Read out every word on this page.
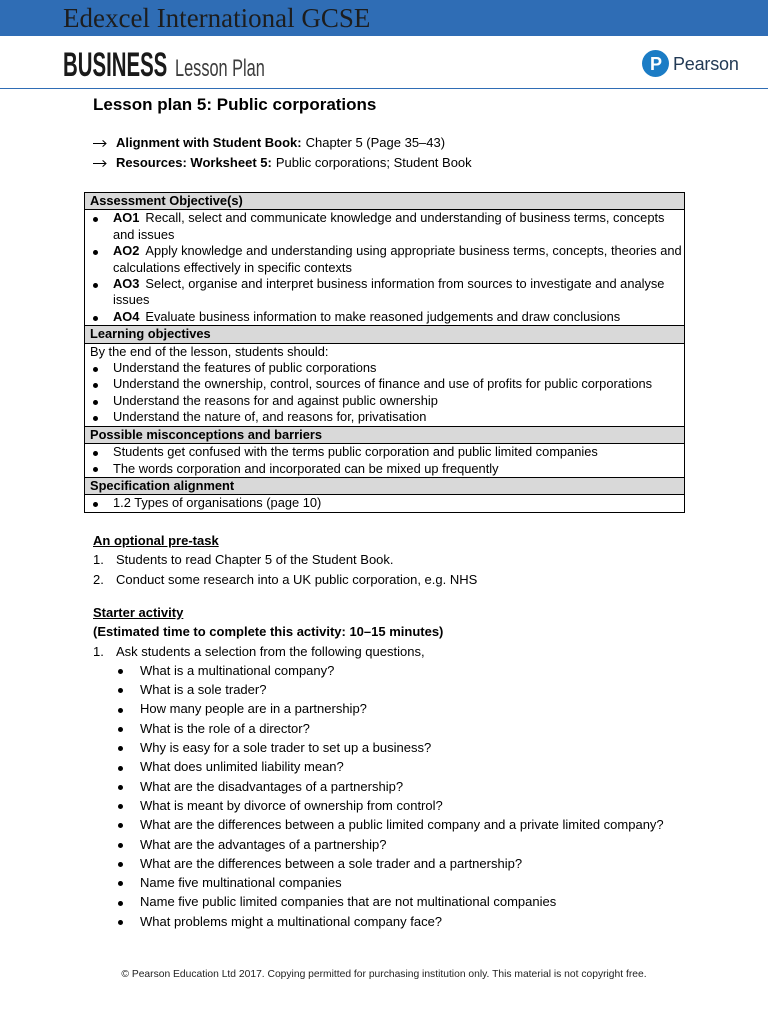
Edexcel International GCSE
BUSINESS Lesson Plan	P Pearson
Lesson plan 5: Public corporations
Alignment with Student Book: Chapter 5 (Page 35–43)
Resources: Worksheet 5: Public corporations; Student Book
Assessment Objective(s)

AO1 Recall, select and communicate knowledge and understanding of business terms, concepts and issues
AO2 Apply knowledge and understanding using appropriate business terms, concepts, theories and calculations effectively in specific contexts
AO3 Select, organise and interpret business information from sources to investigate and analyse issues
AO4 Evaluate business information to make reasoned judgements and draw conclusions

Learning objectives

By the end of the lesson, students should:
Understand the features of public corporations
Understand the ownership, control, sources of finance and use of profits for public corporations
Understand the reasons for and against public ownership
Understand the nature of, and reasons for, privatisation

Possible misconceptions and barriers

Students get confused with the terms public corporation and public limited companies
The words corporation and incorporated can be mixed up frequently

Specification alignment

1.2 Types of organisations (page 10)
An optional pre-task
1. Students to read Chapter 5 of the Student Book.
2. Conduct some research into a UK public corporation, e.g. NHS
Starter activity
(Estimated time to complete this activity: 10–15 minutes)
1. Ask students a selection from the following questions,
What is a multinational company?
What is a sole trader?
How many people are in a partnership?
What is the role of a director?
Why is easy for a sole trader to set up a business?
What does unlimited liability mean?
What are the disadvantages of a partnership?
What is meant by divorce of ownership from control?
What are the differences between a public limited company and a private limited company?
What are the advantages of a partnership?
What are the differences between a sole trader and a partnership?
Name five multinational companies
Name five public limited companies that are not multinational companies
What problems might a multinational company face?
© Pearson Education Ltd 2017. Copying permitted for purchasing institution only. This material is not copyright free.
